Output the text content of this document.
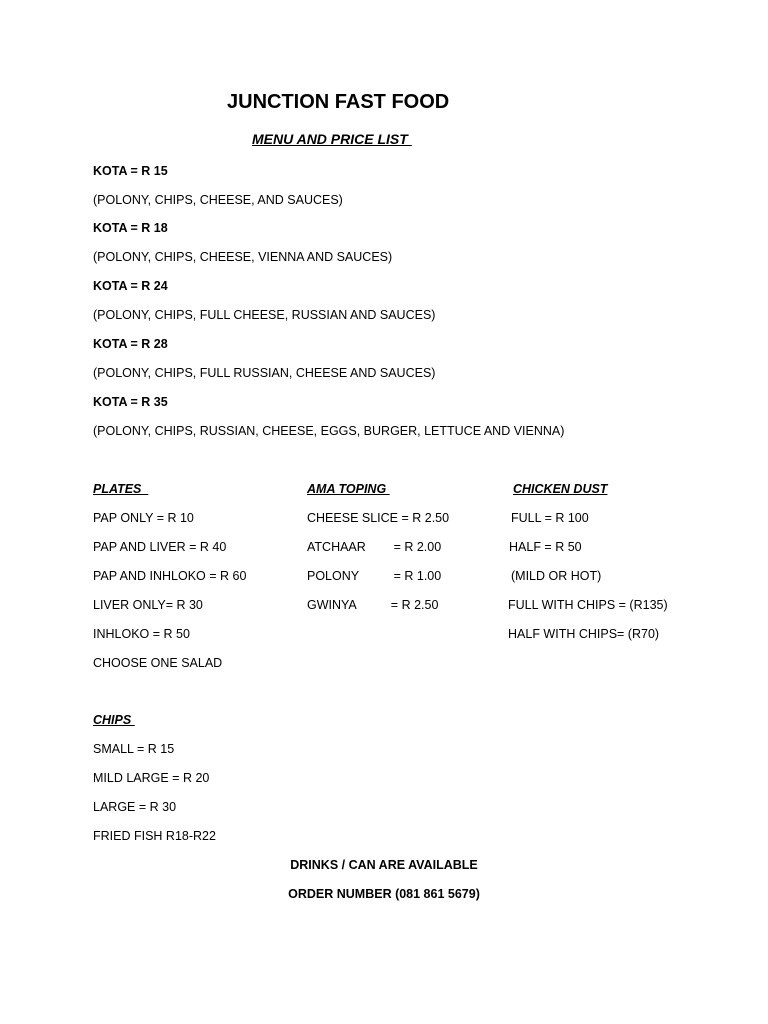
JUNCTION FAST FOOD
MENU AND PRICE LIST
KOTA = R 15
(POLONY, CHIPS, CHEESE, AND SAUCES)
KOTA = R 18
(POLONY, CHIPS, CHEESE, VIENNA AND SAUCES)
KOTA = R 24
(POLONY, CHIPS, FULL CHEESE, RUSSIAN AND SAUCES)
KOTA = R 28
(POLONY, CHIPS, FULL RUSSIAN, CHEESE AND SAUCES)
KOTA = R 35
(POLONY, CHIPS, RUSSIAN, CHEESE, EGGS, BURGER, LETTUCE AND VIENNA)
PLATES
PAP ONLY = R 10
PAP AND LIVER = R 40
PAP AND INHLOKO = R 60
LIVER ONLY= R 30
INHLOKO = R 50
CHOOSE ONE SALAD
AMA TOPING
CHEESE SLICE = R 2.50
ATCHAAR        = R 2.00
POLONY          = R 1.00
GWINYA          = R 2.50
CHICKEN DUST
FULL = R 100
HALF = R 50
(MILD OR HOT)
FULL WITH CHIPS = (R135)
HALF WITH CHIPS= (R70)
CHIPS
SMALL = R 15
MILD LARGE = R 20
LARGE = R 30
FRIED FISH R18-R22
DRINKS / CAN ARE AVAILABLE
ORDER NUMBER (081 861 5679)
